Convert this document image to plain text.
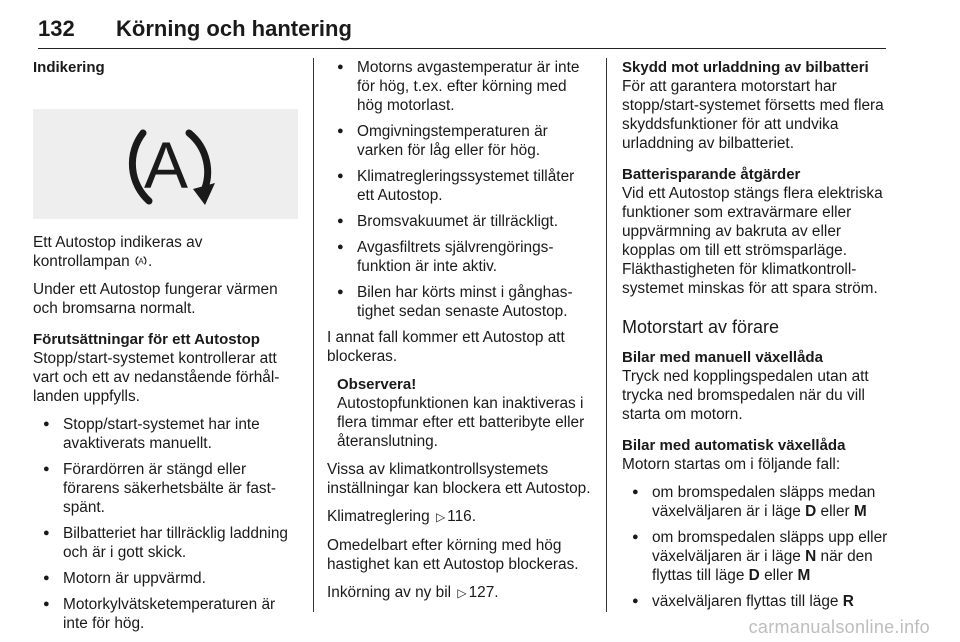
132 Körning och hantering
Indikering
A

Ett Autostop indikeras av kontrollampan A .

Under ett Autostop fungerar värmen och bromsarna normalt.

Förutsättningar för ett Autostop

Stopp/start-systemet kontrollerar att vart och ett av nedanstående förhållanden uppfylls.

● Stopp/start-systemet har inte avaktiverats manuellt.
● Förardörren är stängd eller förarens säkerhetsbälte är fastspänt.
● Bilbatteriet har tillräcklig laddning och är i gott skick.
● Motorn är uppvärmd.
● Motorkylvätsketemperaturen är inte för hög.
● Motorns avgastemperatur är inte för hög, t.ex. efter körning med hög motorlast.
● Omgivningstemperaturen är varken för låg eller för hög.
● Klimatregleringssystemet tillåter ett Autostop.
● Bromsvakuumet är tillräckligt.
● Avgasfiltrets självrengöringsfunktion är inte aktiv.
● Bilen har körts minst i gånghastighet sedan senaste Autostop.

I annat fall kommer ett Autostop att blockeras.

Observera!
Autostopfunktionen kan inaktiveras i flera timmar efter ett batteribyte eller återanslutning.

Vissa av klimatkontrollsystemets inställningar kan blockera ett Autostop.

Klimatreglering ▷ 116.

Omedelbart efter körning med hög hastighet kan ett Autostop blockeras.

Inkörning av ny bil ▷ 127.

Skydd mot urladdning av bilbatteri

För att garantera motorstart har stopp/start-systemet försetts med flera skyddsfunktioner för att undvika urladdning av bilbatteriet.

Batterisparande åtgärder

Vid ett Autostop stängs flera elektriska funktioner som extravärmare eller uppvärmning av bakruta av eller kopplas om till ett strömsparläge. Fläkthastigheten för klimatkontrollsystemet minskas för att spara ström.

Motorstart av förare
Bilar med manuell växellåda

Tryck ned kopplingspedalen utan att trycka ned bromspedalen när du vill starta om motorn.

Bilar med automatisk växellåda

Motorn startas om i följande fall:

● om bromspedalen släpps medan växelväljaren är i läge D eller M
● om bromspedalen släpps upp eller växelväljaren är i läge N när den flyttas till läge D eller M
● växelväljaren flyttas till läge R
carmanualsonline.info
